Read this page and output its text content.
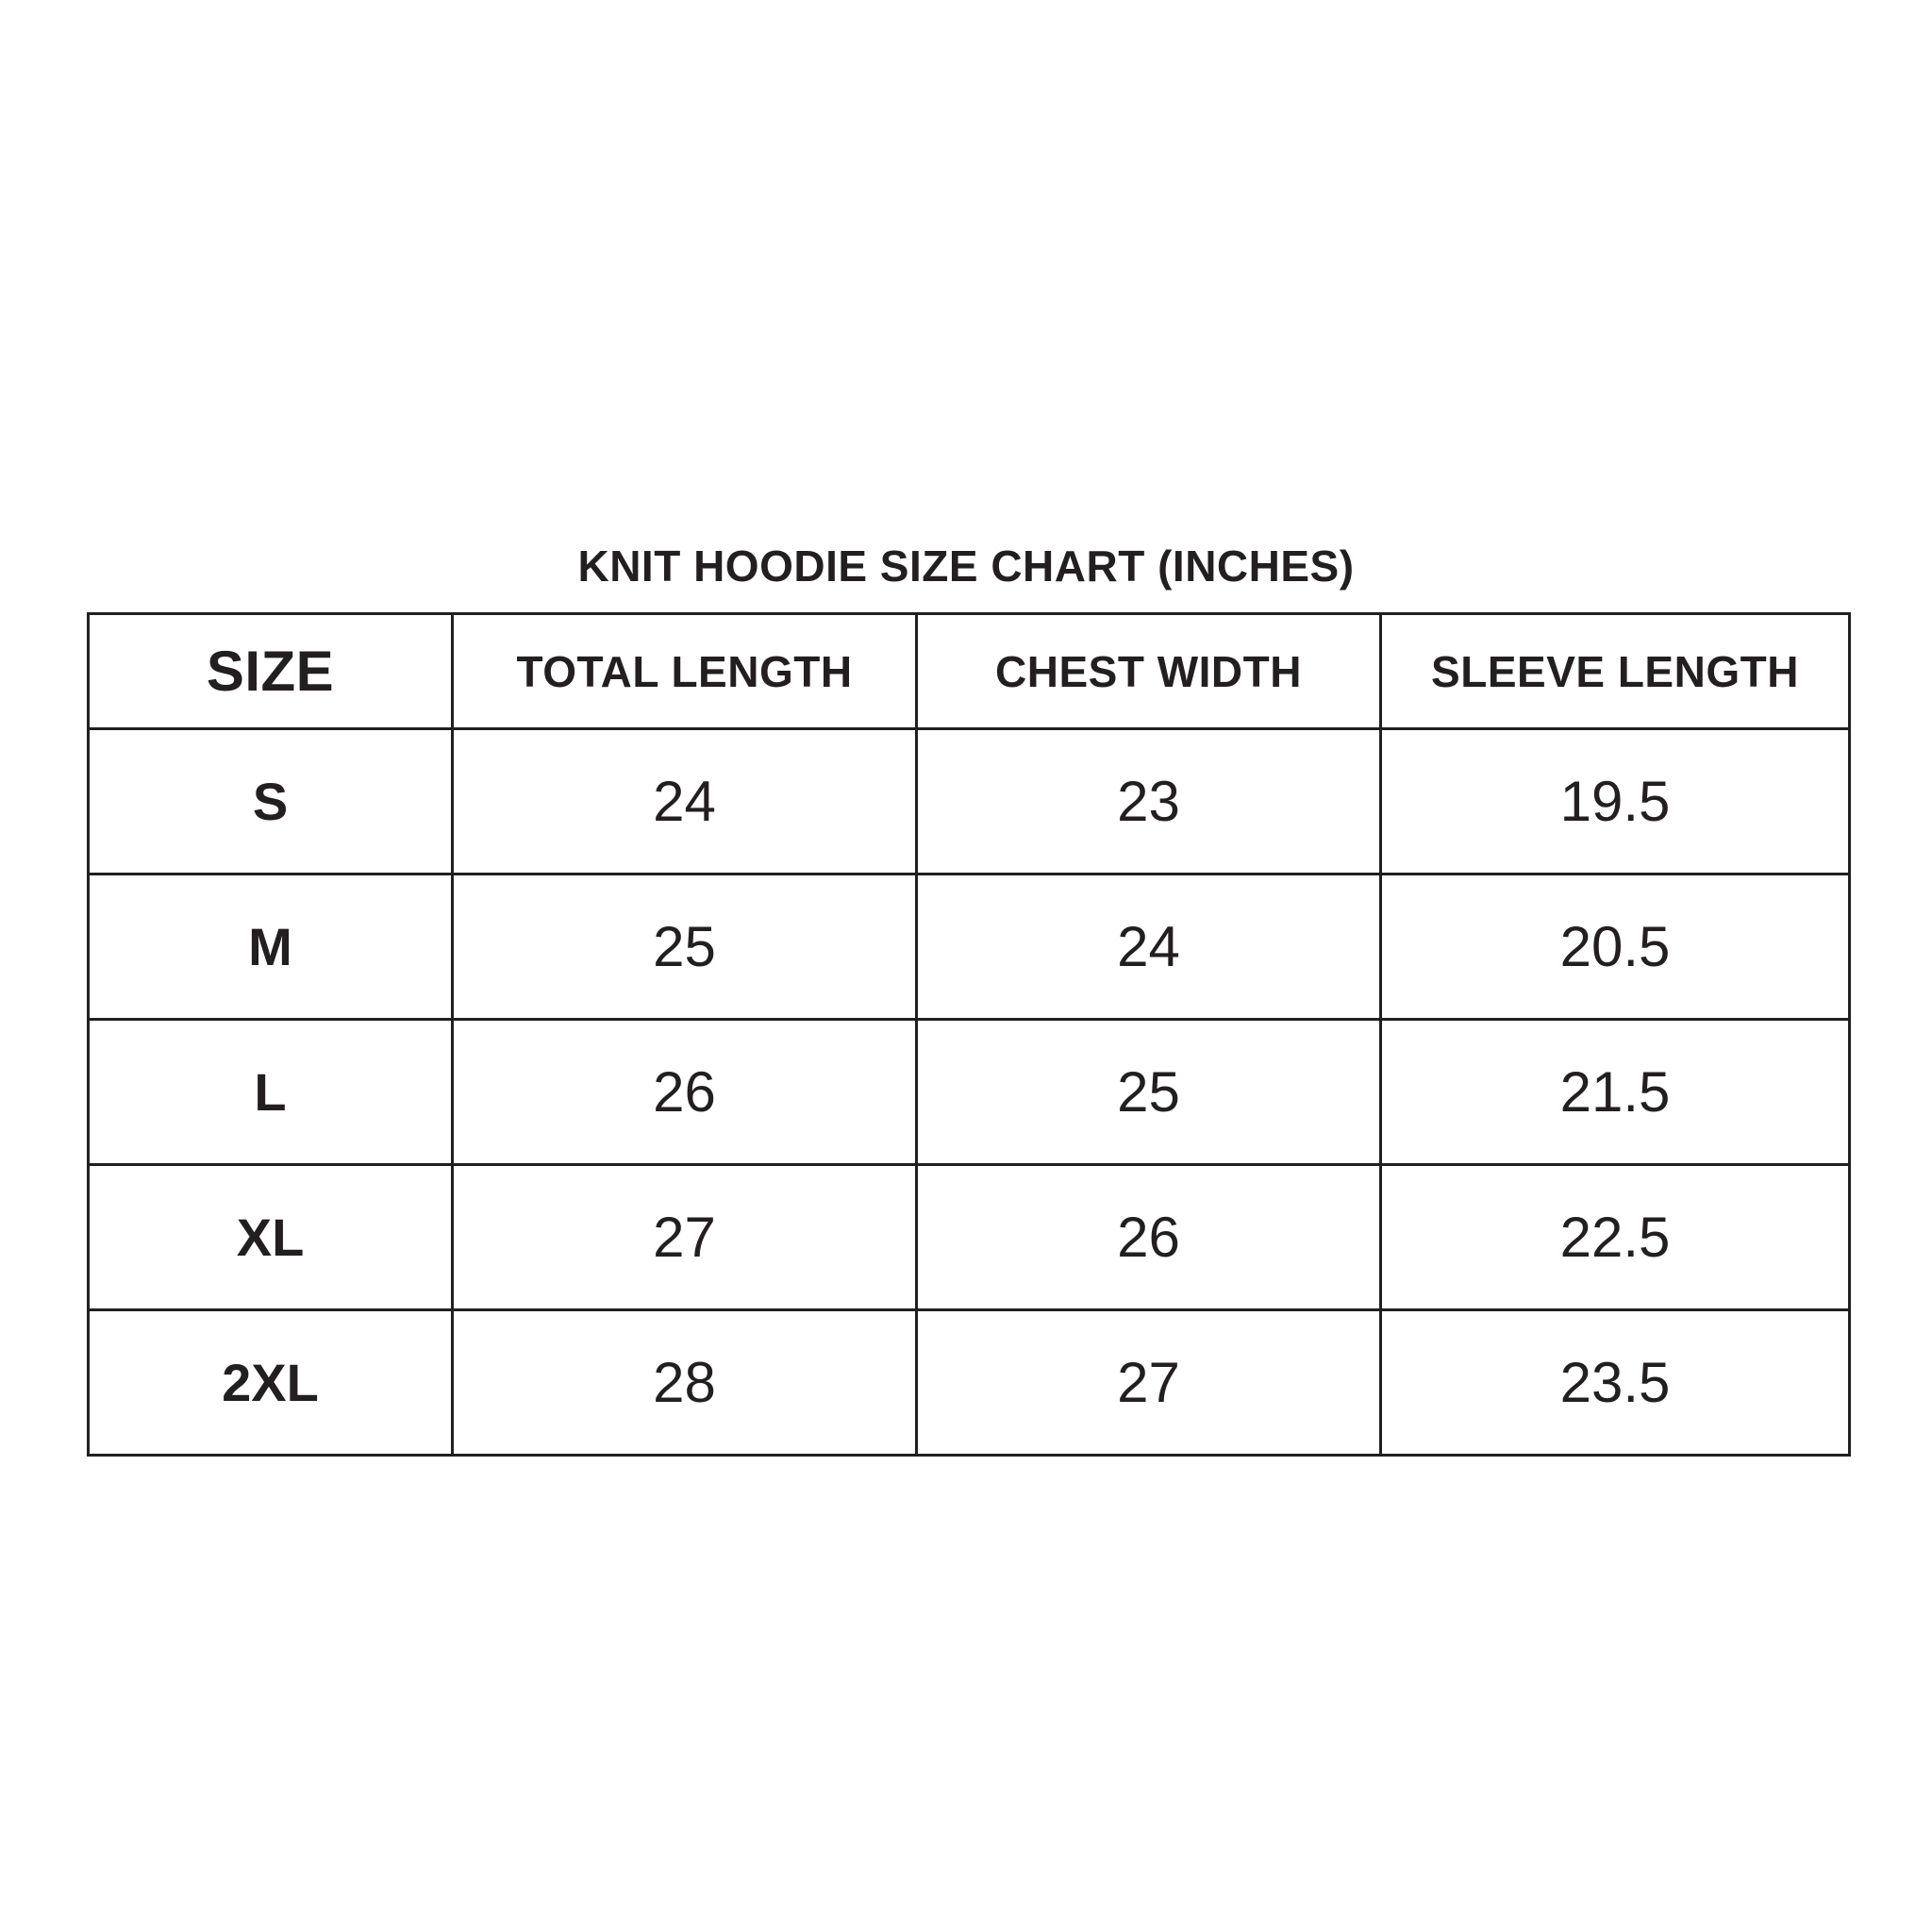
KNIT HOODIE SIZE CHART (INCHES)
SIZE	TOTAL LENGTH	CHEST WIDTH	SLEEVE LENGTH
S	24	23	19.5
M	25	24	20.5
L	26	25	21.5
XL	27	26	22.5
2XL	28	27	23.5
